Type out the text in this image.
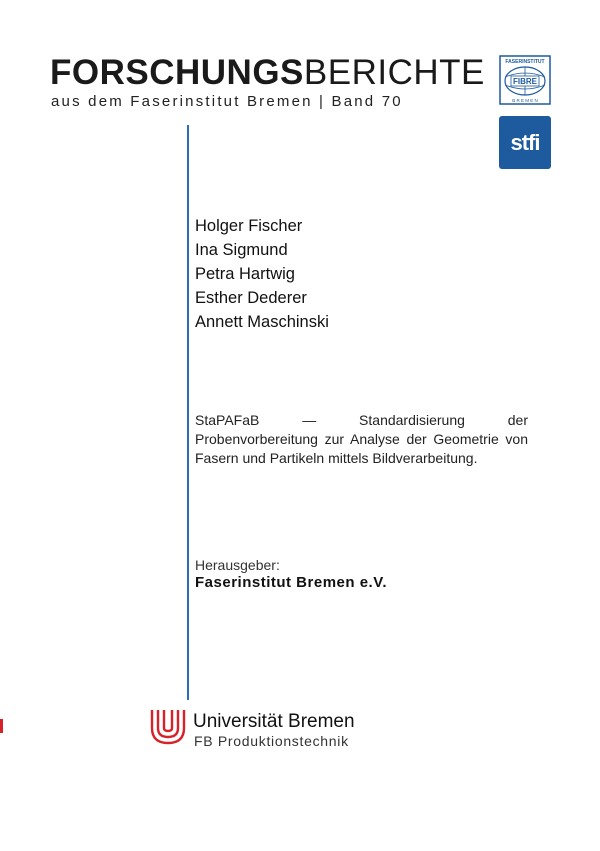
FORSCHUNGSBERICHTE
aus dem Faserinstitut Bremen | Band 70
FASERINSTITUT
FIBRE
B R E M E N
stfi
Holger Fischer
Ina Sigmund
Petra Hartwig
Esther Dederer
Annett Maschinski
StaPAFaB — Standardisierung der Probenvorbereitung zur Analyse der Geometrie von Fasern und Partikeln mittels Bildverarbeitung.
Herausgeber:
Faserinstitut Bremen e.V.
Universität Bremen
FB Produktionstechnik
